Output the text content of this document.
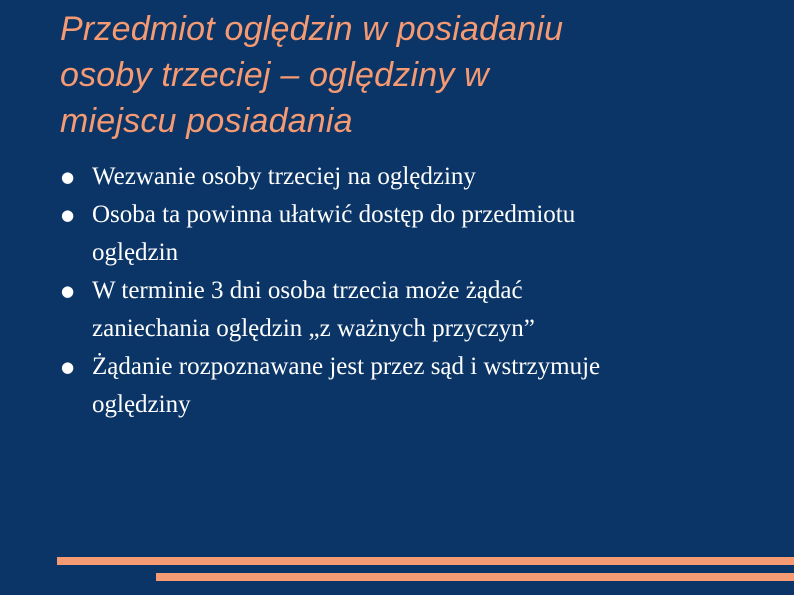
Przedmiot oględzin w posiadaniu
osoby trzeciej – oględziny w
miejscu posiadania
● Wezwanie osoby trzeciej na oględziny
● Osoba ta powinna ułatwić dostęp do przedmiotu
oględzin
● W terminie 3 dni osoba trzecia może żądać
zaniechania oględzin „z ważnych przyczyn”
● Żądanie rozpoznawane jest przez sąd i wstrzymuje
oględziny
